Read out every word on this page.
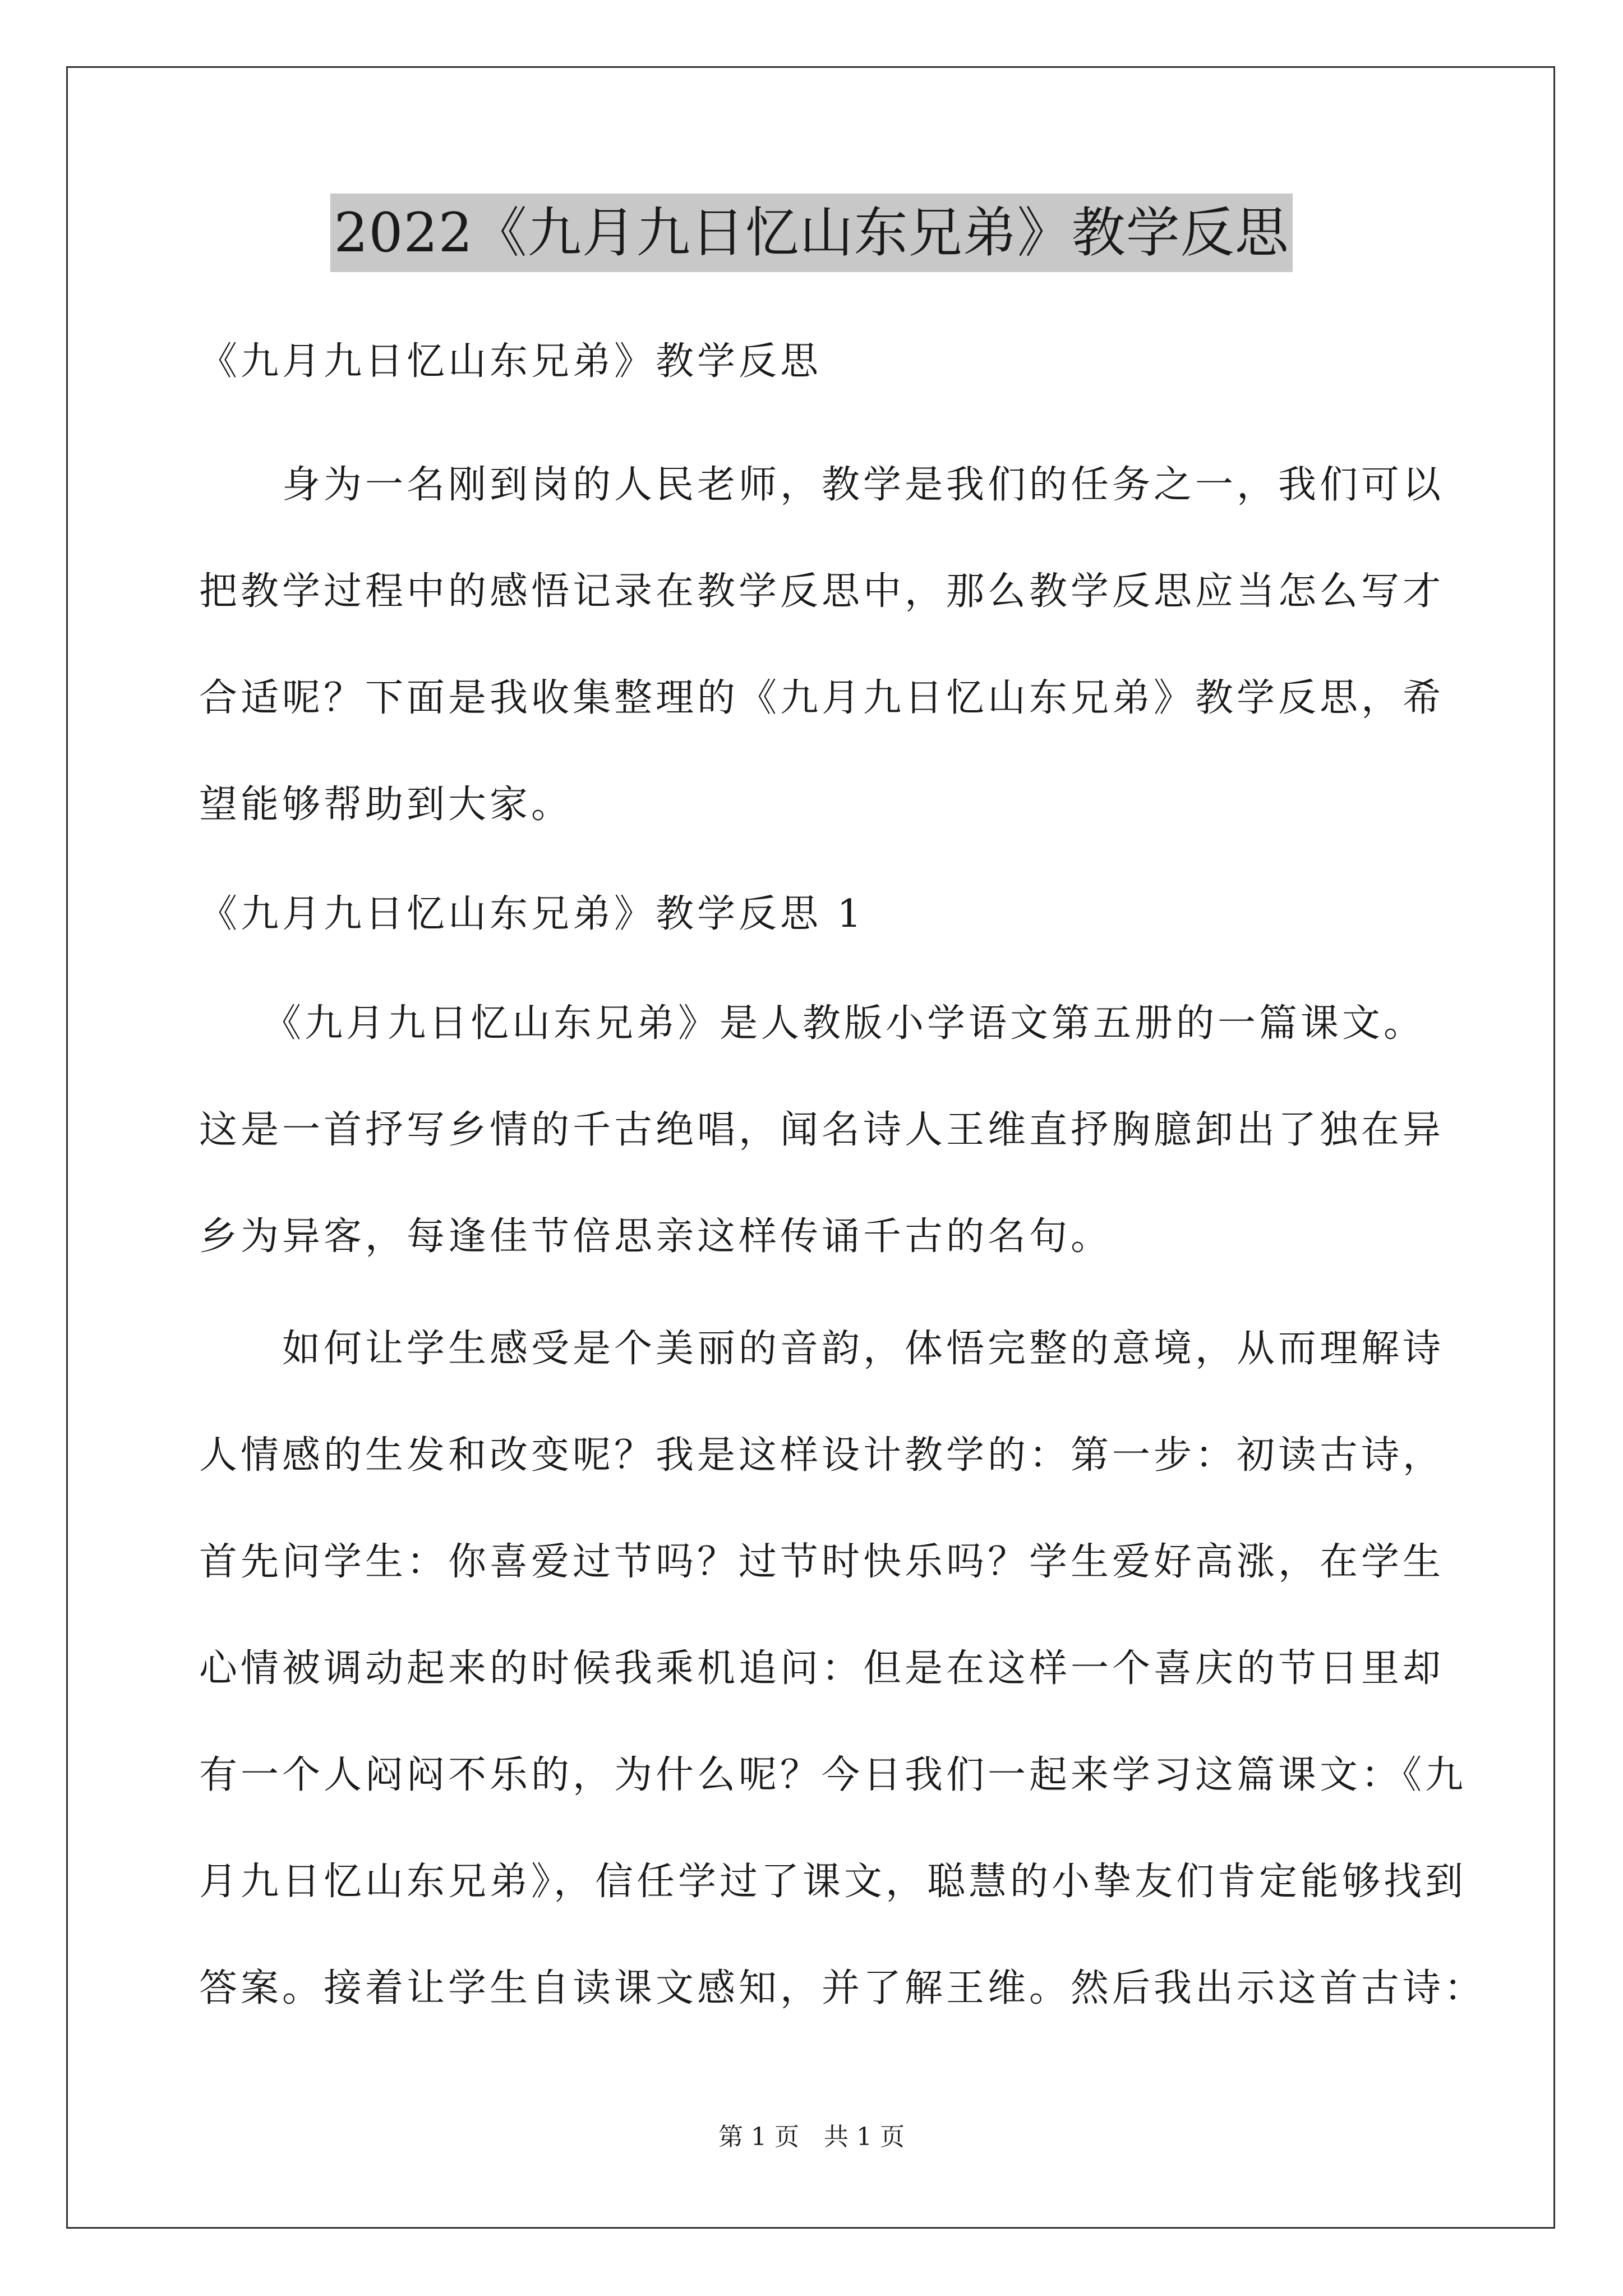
2022《九月九日忆山东兄弟》教学反思
《九月九日忆山东兄弟》教学反思
　　身为一名刚到岗的人民老师，教学是我们的任务之一，我们可以
把教学过程中的感悟记录在教学反思中，那么教学反思应当怎么写才
合适呢？下面是我收集整理的《九月九日忆山东兄弟》教学反思，希
望能够帮助到大家。
《九月九日忆山东兄弟》教学反思 1
　　《九月九日忆山东兄弟》是人教版小学语文第五册的一篇课文。
这是一首抒写乡情的千古绝唱，闻名诗人王维直抒胸臆卸出了独在异
乡为异客，每逢佳节倍思亲这样传诵千古的名句。
　　如何让学生感受是个美丽的音韵，体悟完整的意境，从而理解诗
人情感的生发和改变呢？我是这样设计教学的：第一步：初读古诗，
首先问学生：你喜爱过节吗？过节时快乐吗？学生爱好高涨，在学生
心情被调动起来的时候我乘机追问：但是在这样一个喜庆的节日里却
有一个人闷闷不乐的，为什么呢？今日我们一起来学习这篇课文：《九
月九日忆山东兄弟》，信任学过了课文，聪慧的小挚友们肯定能够找到
答案。接着让学生自读课文感知，并了解王维。然后我出示这首古诗：
第 1 页　共 1 页
